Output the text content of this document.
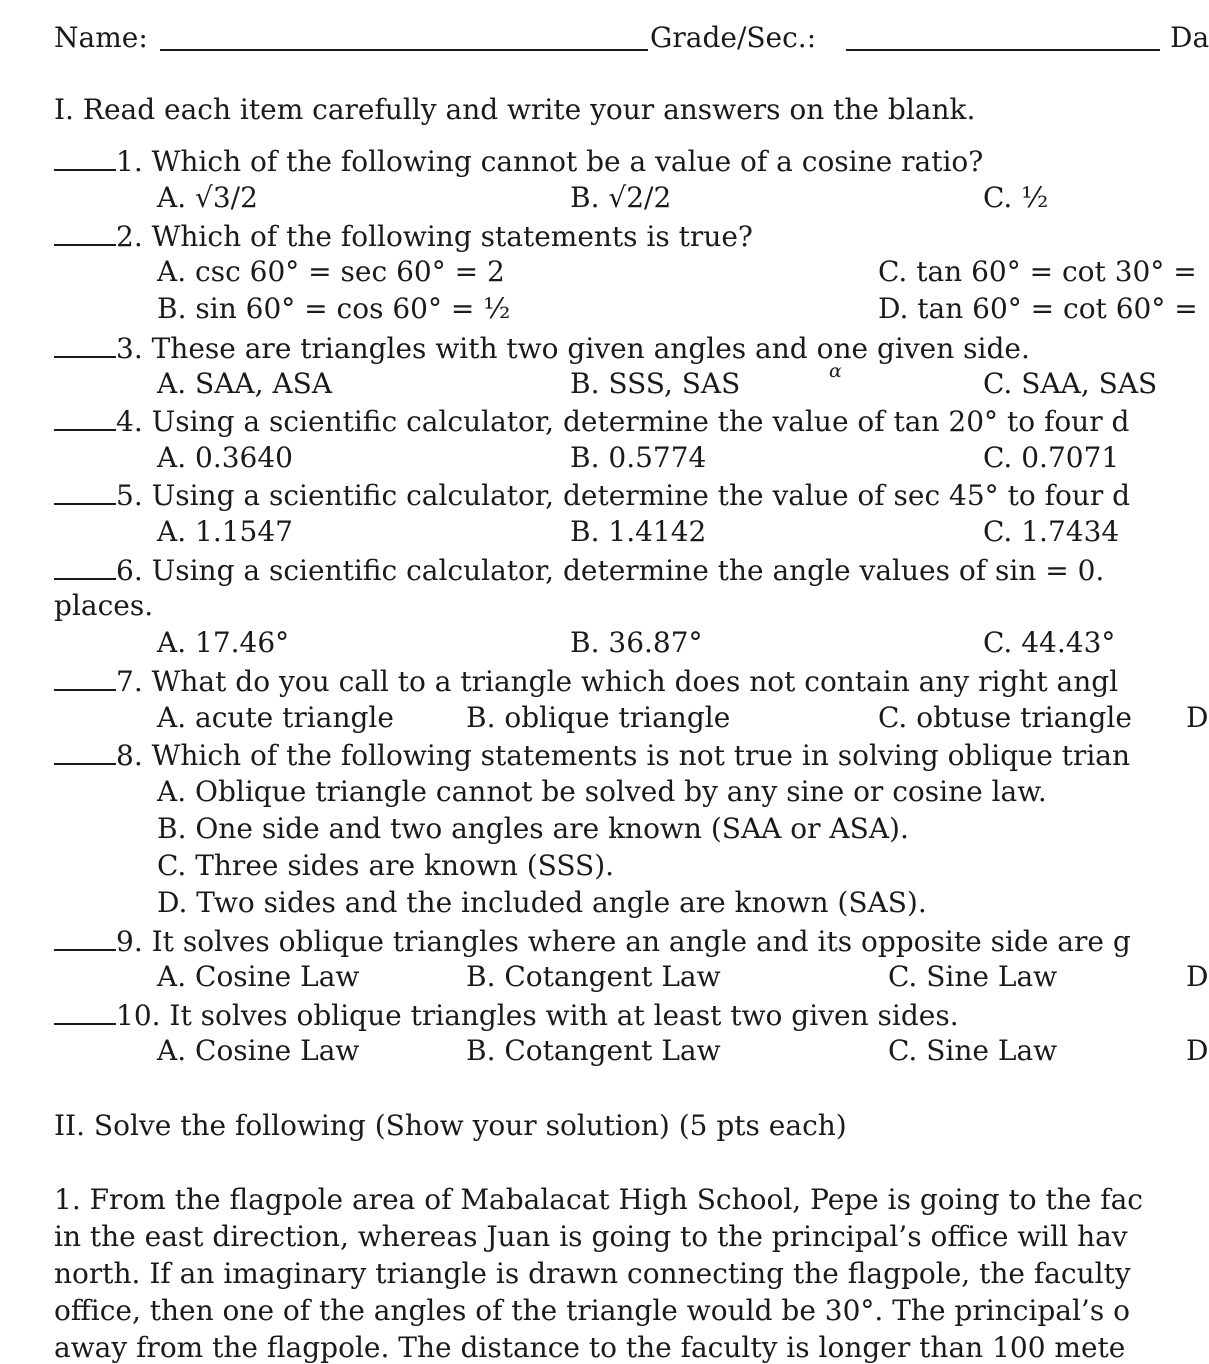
Name:	Grade/Sec.:	Da
I. Read each item carefully and write your answers on the blank.
1. Which of the following cannot be a value of a cosine ratio?
A. √3/2	B. √2/2	C. ½
2. Which of the following statements is true?
A. csc 60° = sec 60° = 2	C. tan 60° = cot 30° =
B. sin 60° = cos 60° = ½	D. tan 60° = cot 60° =
3. These are triangles with two given angles and one given side.
A. SAA, ASA	B. SSS, SAS	α	C. SAA, SAS
4. Using a scientific calculator, determine the value of tan 20° to four d
A. 0.3640	B. 0.5774	C. 0.7071
5. Using a scientific calculator, determine the value of sec 45° to four d
A. 1.1547	B. 1.4142	C. 1.7434
6. Using a scientific calculator, determine the angle values of sin = 0.
places.
A. 17.46°	B. 36.87°	C. 44.43°
7. What do you call to a triangle which does not contain any right angl
A. acute triangle	B. oblique triangle	C. obtuse triangle D
8. Which of the following statements is not true in solving oblique trian
A. Oblique triangle cannot be solved by any sine or cosine law.
B. One side and two angles are known (SAA or ASA).
C. Three sides are known (SSS).
D. Two sides and the included angle are known (SAS).
9. It solves oblique triangles where an angle and its opposite side are g
A. Cosine Law	B. Cotangent Law	C. Sine Law	D
10. It solves oblique triangles with at least two given sides.
A. Cosine Law	B. Cotangent Law	C. Sine Law	D
II. Solve the following (Show your solution) (5 pts each)
1. From the flagpole area of Mabalacat High School, Pepe is going to the fac
in the east direction, whereas Juan is going to the principal’s office will hav
north. If an imaginary triangle is drawn connecting the flagpole, the faculty
office, then one of the angles of the triangle would be 30°. The principal’s o
away from the flagpole. The distance to the faculty is longer than 100 mete
